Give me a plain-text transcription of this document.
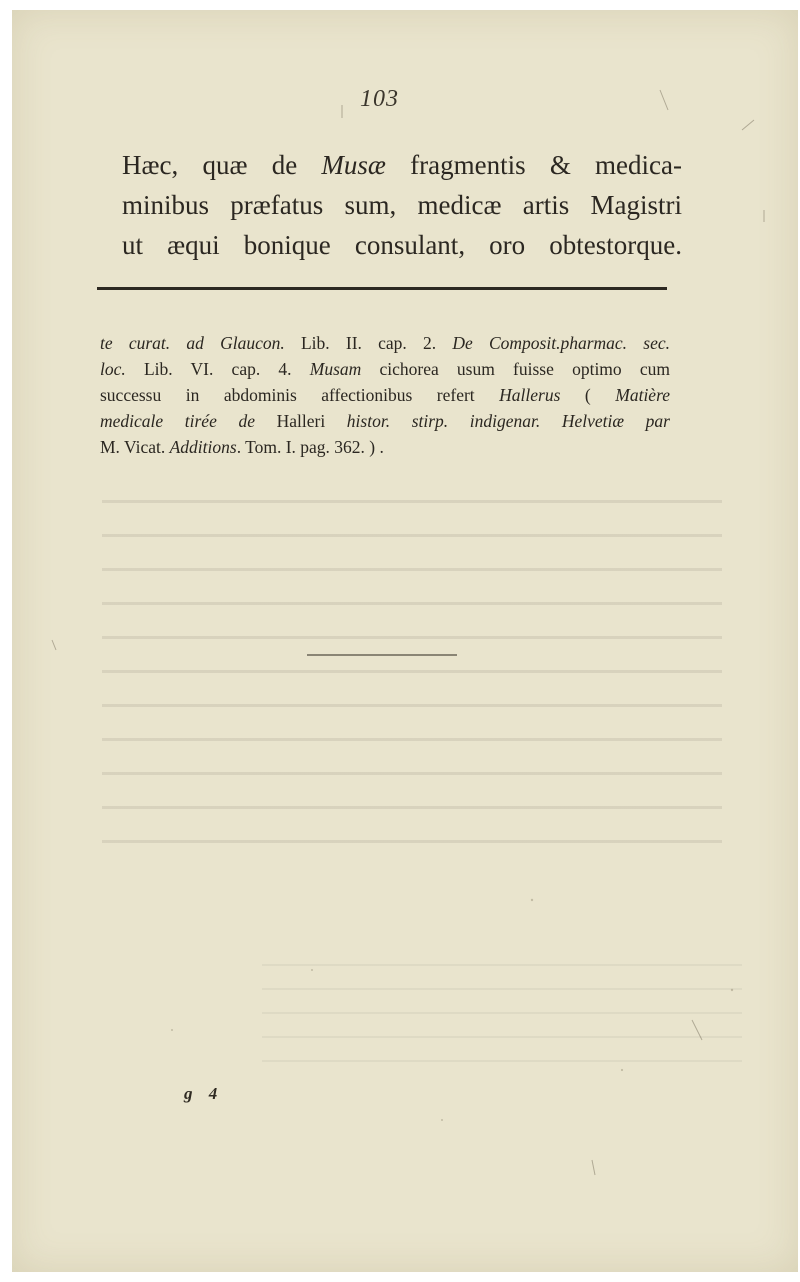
103
Hæc, quæ de Musæ fragmentis & medica-
minibus præfatus sum, medicæ artis Magistri
ut æqui bonique consulant, oro obtestorque.
te curat. ad Glaucon. Lib. II. cap. 2. De Composit.pharmac. sec.
loc. Lib. VI. cap. 4. Musam cichorea usum fuisse optimo cum
successu in abdominis affectionibus refert Hallerus ( Matière
medicale tirée de Halleri histor. stirp. indigenar. Helvetiæ par
M. Vicat. Additions. Tom. I. pag. 362. ) .
g 4
